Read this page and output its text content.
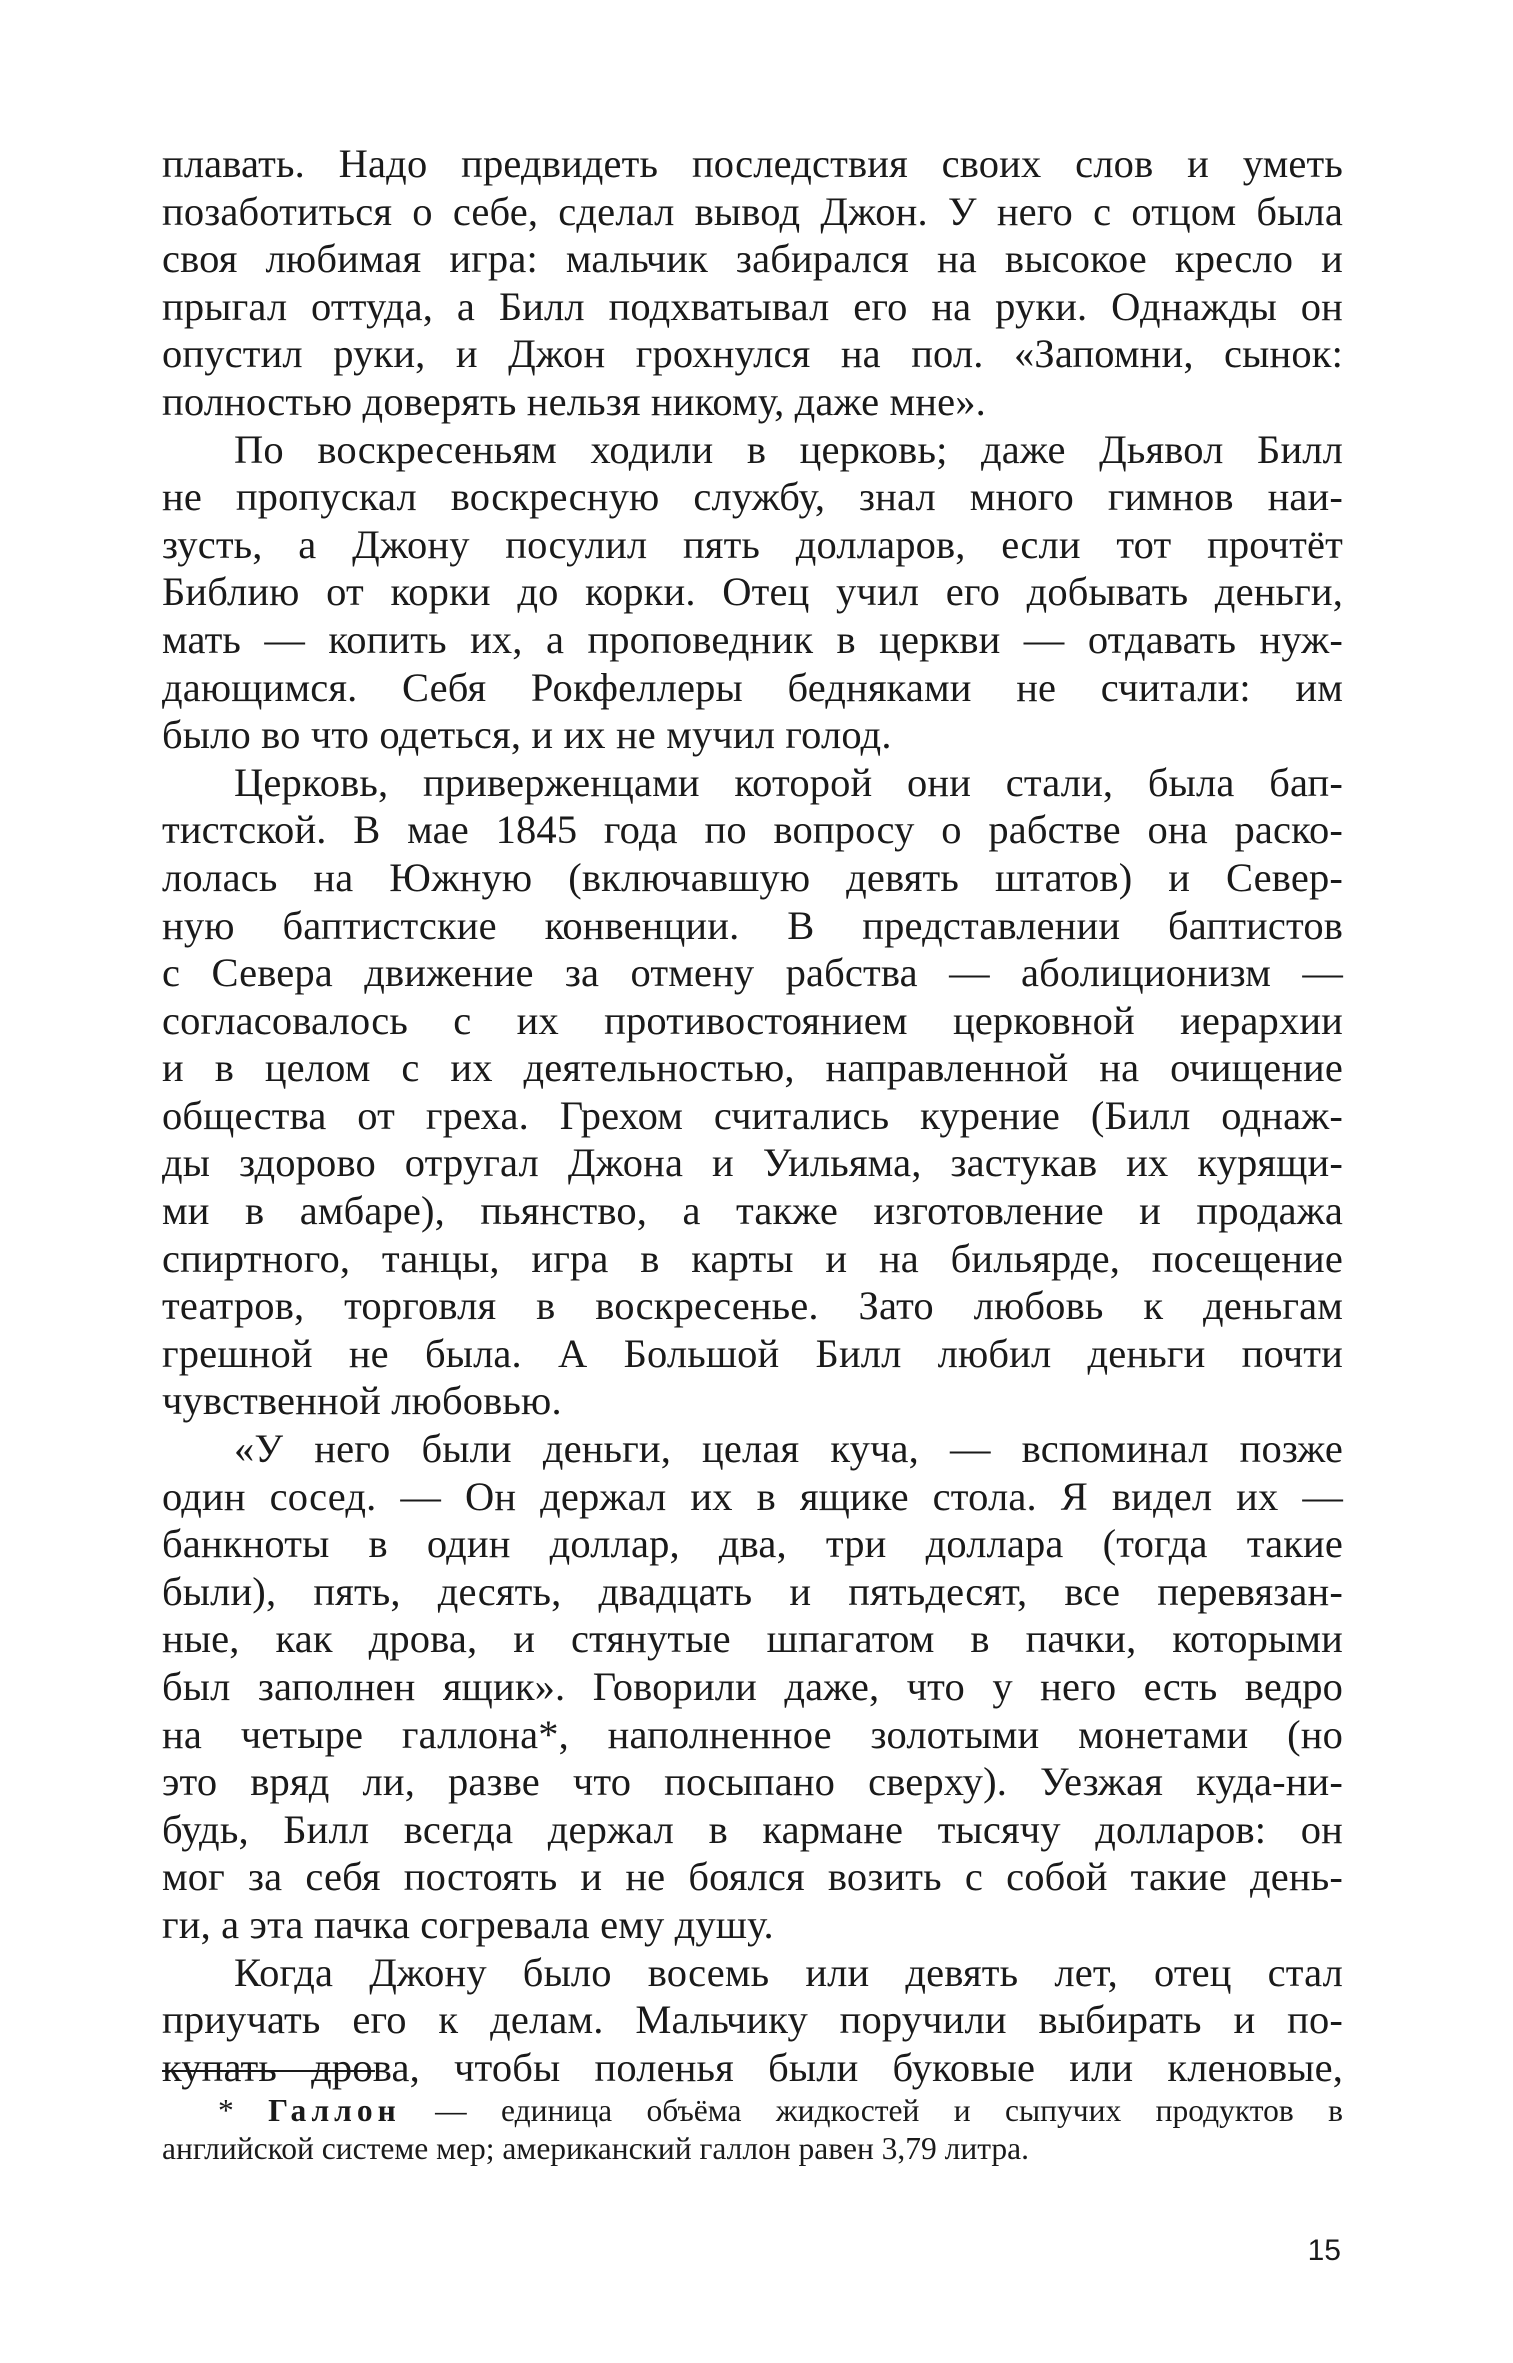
плавать. Надо предвидеть последствия своих слов и уметь
позаботиться о себе, сделал вывод Джон. У него с отцом была
своя любимая игра: мальчик забирался на высокое кресло и
прыгал оттуда, а Билл подхватывал его на руки. Однажды он
опустил руки, и Джон грохнулся на пол. «Запомни, сынок:
полностью доверять нельзя никому, даже мне».
По воскресеньям ходили в церковь; даже Дьявол Билл
не пропускал воскресную службу, знал много гимнов наи-
зусть, а Джону посулил пять долларов, если тот прочтёт
Библию от корки до корки. Отец учил его добывать деньги,
мать — копить их, а проповедник в церкви — отдавать нуж-
дающимся. Себя Рокфеллеры бедняками не считали: им
было во что одеться, и их не мучил голод.
Церковь, приверженцами которой они стали, была бап-
тистской. В мае 1845 года по вопросу о рабстве она раско-
лолась на Южную (включавшую девять штатов) и Север-
ную баптистские конвенции. В представлении баптистов
с Севера движение за отмену рабства — аболиционизм —
согласовалось с их противостоянием церковной иерархии
и в целом с их деятельностью, направленной на очищение
общества от греха. Грехом считались курение (Билл однаж-
ды здорово отругал Джона и Уильяма, застукав их курящи-
ми в амбаре), пьянство, а также изготовление и продажа
спиртного, танцы, игра в карты и на бильярде, посещение
театров, торговля в воскресенье. Зато любовь к деньгам
грешной не была. А Большой Билл любил деньги почти
чувственной любовью.
«У него были деньги, целая куча, — вспоминал позже
один сосед. — Он держал их в ящике стола. Я видел их —
банкноты в один доллар, два, три доллара (тогда такие
были), пять, десять, двадцать и пятьдесят, все перевязан-
ные, как дрова, и стянутые шпагатом в пачки, которыми
был заполнен ящик». Говорили даже, что у него есть ведро
на четыре галлона*, наполненное золотыми монетами (но
это вряд ли, разве что посыпано сверху). Уезжая куда-ни-
будь, Билл всегда держал в кармане тысячу долларов: он
мог за себя постоять и не боялся возить с собой такие день-
ги, а эта пачка согревала ему душу.
Когда Джону было восемь или девять лет, отец стал
приучать его к делам. Мальчику поручили выбирать и по-
купать дрова, чтобы поленья были буковые или кленовые,
* Галлон — единица объёма жидкостей и сыпучих продуктов в
английской системе мер; американский галлон равен 3,79 литра.
15
